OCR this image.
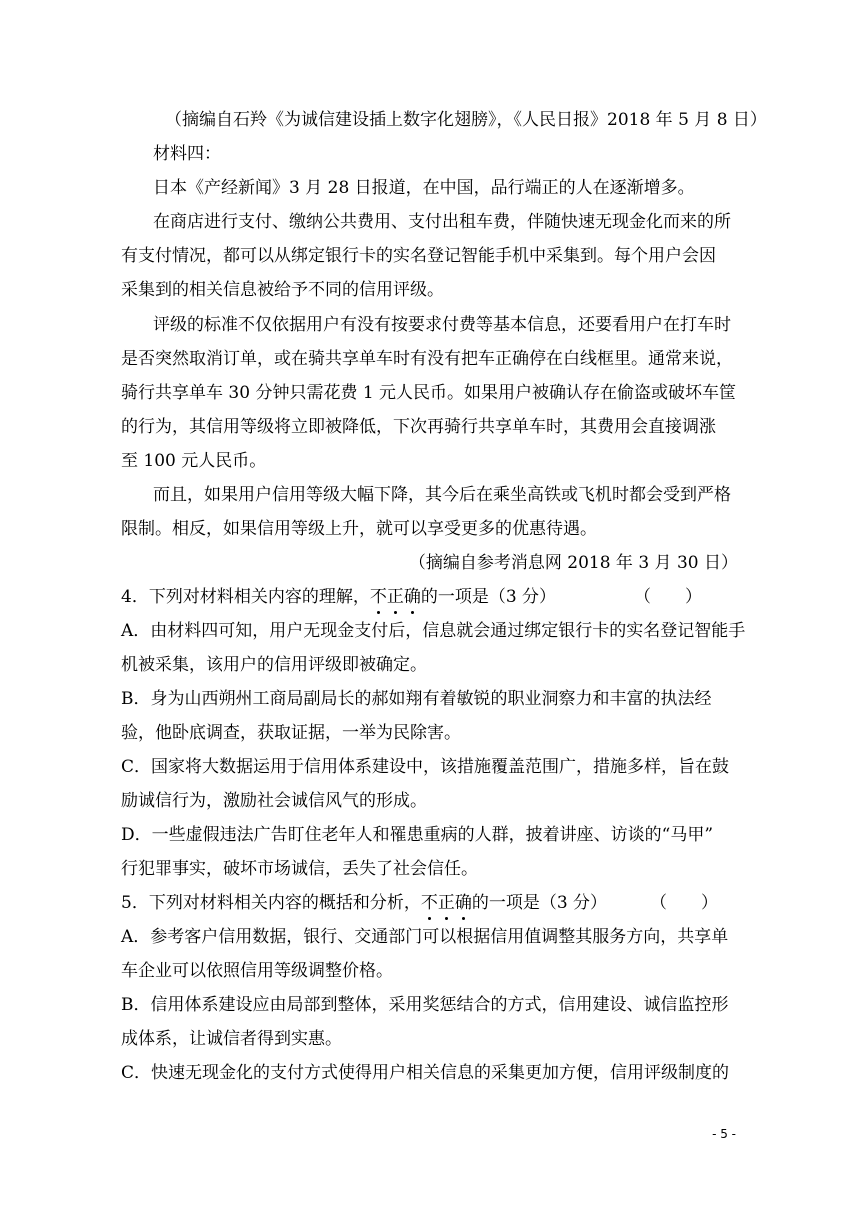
（摘编自石羚《为诚信建设插上数字化翅膀》，《人民日报》2018 年 5 月 8 日）
材料四：
日本《产经新闻》3 月 28 日报道，在中国，品行端正的人在逐渐增多。
在商店进行支付、缴纳公共费用、支付出租车费，伴随快速无现金化而来的所
有支付情况，都可以从绑定银行卡的实名登记智能手机中采集到。每个用户会因
采集到的相关信息被给予不同的信用评级。
评级的标准不仅依据用户有没有按要求付费等基本信息，还要看用户在打车时
是否突然取消订单，或在骑共享单车时有没有把车正确停在白线框里。通常来说，
骑行共享单车 30 分钟只需花费 1 元人民币。如果用户被确认存在偷盗或破坏车筐
的行为，其信用等级将立即被降低，下次再骑行共享单车时，其费用会直接调涨
至 100 元人民币。
而且，如果用户信用等级大幅下降，其今后在乘坐高铁或飞机时都会受到严格
限制。相反，如果信用等级上升，就可以享受更多的优惠待遇。
（摘编自参考消息网 2018 年 3 月 30 日）
4．下列对材料相关内容的理解，不正确的一项是（3 分）	（　　）
A．由材料四可知，用户无现金支付后，信息就会通过绑定银行卡的实名登记智能手
机被采集，该用户的信用评级即被确定。
B．身为山西朔州工商局副局长的郝如翔有着敏锐的职业洞察力和丰富的执法经
验，他卧底调查，获取证据，一举为民除害。
C．国家将大数据运用于信用体系建设中，该措施覆盖范围广，措施多样，旨在鼓
励诚信行为，激励社会诚信风气的形成。
D．一些虚假违法广告盯住老年人和罹患重病的人群，披着讲座、访谈的“马甲”
行犯罪事实，破坏市场诚信，丢失了社会信任。
5．下列对材料相关内容的概括和分析，不正确的一项是（3 分）	（　　）
A．参考客户信用数据，银行、交通部门可以根据信用值调整其服务方向，共享单
车企业可以依照信用等级调整价格。
B．信用体系建设应由局部到整体，采用奖惩结合的方式，信用建设、诚信监控形
成体系，让诚信者得到实惠。
C．快速无现金化的支付方式使得用户相关信息的采集更加方便，信用评级制度的
- 5 -
